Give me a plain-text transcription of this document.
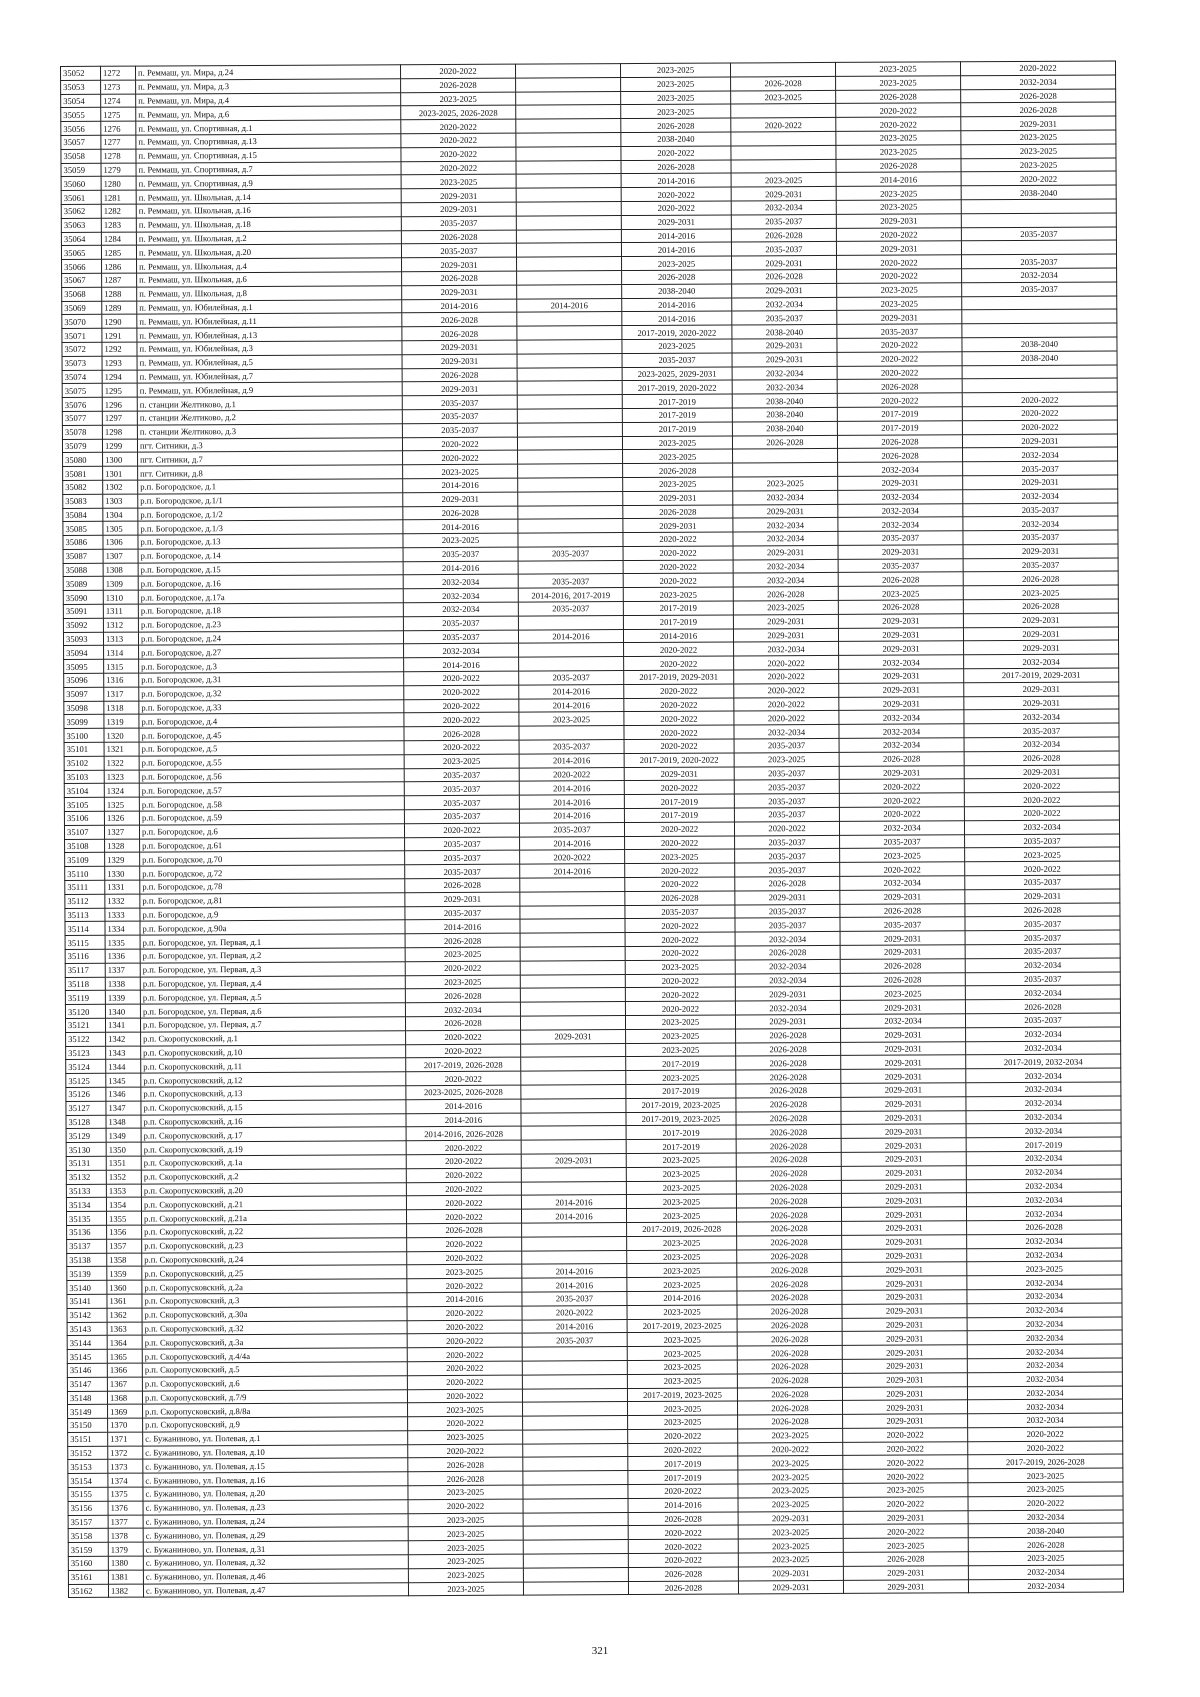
35052	1272	п. Реммаш, ул. Мира, д.24	2020-2022		2023-2025		2023-2025	2020-2022
35053	1273	п. Реммаш, ул. Мира, д.3	2026-2028		2023-2025	2026-2028	2023-2025	2032-2034
35054	1274	п. Реммаш, ул. Мира, д.4	2023-2025		2023-2025	2023-2025	2026-2028	2026-2028
35055	1275	п. Реммаш, ул. Мира, д.6	2023-2025, 2026-2028		2023-2025		2020-2022	2026-2028
35056	1276	п. Реммаш, ул. Спортивная, д.1	2020-2022		2026-2028	2020-2022	2020-2022	2029-2031
35057	1277	п. Реммаш, ул. Спортивная, д.13	2020-2022		2038-2040		2023-2025	2023-2025
35058	1278	п. Реммаш, ул. Спортивная, д.15	2020-2022		2020-2022		2023-2025	2023-2025
35059	1279	п. Реммаш, ул. Спортивная, д.7	2020-2022		2026-2028		2026-2028	2023-2025
35060	1280	п. Реммаш, ул. Спортивная, д.9	2023-2025		2014-2016	2023-2025	2014-2016	2020-2022
35061	1281	п. Реммаш, ул. Школьная, д.14	2029-2031		2020-2022	2029-2031	2023-2025	2038-2040
35062	1282	п. Реммаш, ул. Школьная, д.16	2029-2031		2020-2022	2032-2034	2023-2025	
35063	1283	п. Реммаш, ул. Школьная, д.18	2035-2037		2029-2031	2035-2037	2029-2031	
35064	1284	п. Реммаш, ул. Школьная, д.2	2026-2028		2014-2016	2026-2028	2020-2022	2035-2037
35065	1285	п. Реммаш, ул. Школьная, д.20	2035-2037		2014-2016	2035-2037	2029-2031	
35066	1286	п. Реммаш, ул. Школьная, д.4	2029-2031		2023-2025	2029-2031	2020-2022	2035-2037
35067	1287	п. Реммаш, ул. Школьная, д.6	2026-2028		2026-2028	2026-2028	2020-2022	2032-2034
35068	1288	п. Реммаш, ул. Школьная, д.8	2029-2031		2038-2040	2029-2031	2023-2025	2035-2037
35069	1289	п. Реммаш, ул. Юбилейная, д.1	2014-2016	2014-2016	2014-2016	2032-2034	2023-2025	
35070	1290	п. Реммаш, ул. Юбилейная, д.11	2026-2028		2014-2016	2035-2037	2029-2031	
35071	1291	п. Реммаш, ул. Юбилейная, д.13	2026-2028		2017-2019, 2020-2022	2038-2040	2035-2037	
35072	1292	п. Реммаш, ул. Юбилейная, д.3	2029-2031		2023-2025	2029-2031	2020-2022	2038-2040
35073	1293	п. Реммаш, ул. Юбилейная, д.5	2029-2031		2035-2037	2029-2031	2020-2022	2038-2040
35074	1294	п. Реммаш, ул. Юбилейная, д.7	2026-2028		2023-2025, 2029-2031	2032-2034	2020-2022	
35075	1295	п. Реммаш, ул. Юбилейная, д.9	2029-2031		2017-2019, 2020-2022	2032-2034	2026-2028	
35076	1296	п. станции Желтиково, д.1	2035-2037		2017-2019	2038-2040	2020-2022	2020-2022
35077	1297	п. станции Желтиково, д.2	2035-2037		2017-2019	2038-2040	2017-2019	2020-2022
35078	1298	п. станции Желтиково, д.3	2035-2037		2017-2019	2038-2040	2017-2019	2020-2022
35079	1299	пгт. Ситники, д.3	2020-2022		2023-2025	2026-2028	2026-2028	2029-2031
35080	1300	пгт. Ситники, д.7	2020-2022		2023-2025		2026-2028	2032-2034
35081	1301	пгт. Ситники, д.8	2023-2025		2026-2028		2032-2034	2035-2037
35082	1302	р.п. Богородское, д.1	2014-2016		2023-2025	2023-2025	2029-2031	2029-2031
35083	1303	р.п. Богородское, д.1/1	2029-2031		2029-2031	2032-2034	2032-2034	2032-2034
35084	1304	р.п. Богородское, д.1/2	2026-2028		2026-2028	2029-2031	2032-2034	2035-2037
35085	1305	р.п. Богородское, д.1/3	2014-2016		2029-2031	2032-2034	2032-2034	2032-2034
35086	1306	р.п. Богородское, д.13	2023-2025		2020-2022	2032-2034	2035-2037	2035-2037
35087	1307	р.п. Богородское, д.14	2035-2037	2035-2037	2020-2022	2029-2031	2029-2031	2029-2031
35088	1308	р.п. Богородское, д.15	2014-2016		2020-2022	2032-2034	2035-2037	2035-2037
35089	1309	р.п. Богородское, д.16	2032-2034	2035-2037	2020-2022	2032-2034	2026-2028	2026-2028
35090	1310	р.п. Богородское, д.17а	2032-2034	2014-2016, 2017-2019	2023-2025	2026-2028	2023-2025	2023-2025
35091	1311	р.п. Богородское, д.18	2032-2034	2035-2037	2017-2019	2023-2025	2026-2028	2026-2028
35092	1312	р.п. Богородское, д.23	2035-2037		2017-2019	2029-2031	2029-2031	2029-2031
35093	1313	р.п. Богородское, д.24	2035-2037	2014-2016	2014-2016	2029-2031	2029-2031	2029-2031
35094	1314	р.п. Богородское, д.27	2032-2034		2020-2022	2032-2034	2029-2031	2029-2031
35095	1315	р.п. Богородское, д.3	2014-2016		2020-2022	2020-2022	2032-2034	2032-2034
35096	1316	р.п. Богородское, д.31	2020-2022	2035-2037	2017-2019, 2029-2031	2020-2022	2029-2031	2017-2019, 2029-2031
35097	1317	р.п. Богородское, д.32	2020-2022	2014-2016	2020-2022	2020-2022	2029-2031	2029-2031
35098	1318	р.п. Богородское, д.33	2020-2022	2014-2016	2020-2022	2020-2022	2029-2031	2029-2031
35099	1319	р.п. Богородское, д.4	2020-2022	2023-2025	2020-2022	2020-2022	2032-2034	2032-2034
35100	1320	р.п. Богородское, д.45	2026-2028		2020-2022	2032-2034	2032-2034	2035-2037
35101	1321	р.п. Богородское, д.5	2020-2022	2035-2037	2020-2022	2035-2037	2032-2034	2032-2034
35102	1322	р.п. Богородское, д.55	2023-2025	2014-2016	2017-2019, 2020-2022	2023-2025	2026-2028	2026-2028
35103	1323	р.п. Богородское, д.56	2035-2037	2020-2022	2029-2031	2035-2037	2029-2031	2029-2031
35104	1324	р.п. Богородское, д.57	2035-2037	2014-2016	2020-2022	2035-2037	2020-2022	2020-2022
35105	1325	р.п. Богородское, д.58	2035-2037	2014-2016	2017-2019	2035-2037	2020-2022	2020-2022
35106	1326	р.п. Богородское, д.59	2035-2037	2014-2016	2017-2019	2035-2037	2020-2022	2020-2022
35107	1327	р.п. Богородское, д.6	2020-2022	2035-2037	2020-2022	2020-2022	2032-2034	2032-2034
35108	1328	р.п. Богородское, д.61	2035-2037	2014-2016	2020-2022	2035-2037	2035-2037	2035-2037
35109	1329	р.п. Богородское, д.70	2035-2037	2020-2022	2023-2025	2035-2037	2023-2025	2023-2025
35110	1330	р.п. Богородское, д.72	2035-2037	2014-2016	2020-2022	2035-2037	2020-2022	2020-2022
35111	1331	р.п. Богородское, д.78	2026-2028		2020-2022	2026-2028	2032-2034	2035-2037
35112	1332	р.п. Богородское, д.81	2029-2031		2026-2028	2029-2031	2029-2031	2029-2031
35113	1333	р.п. Богородское, д.9	2035-2037		2035-2037	2035-2037	2026-2028	2026-2028
35114	1334	р.п. Богородское, д.90а	2014-2016		2020-2022	2035-2037	2035-2037	2035-2037
35115	1335	р.п. Богородское, ул. Первая, д.1	2026-2028		2020-2022	2032-2034	2029-2031	2035-2037
35116	1336	р.п. Богородское, ул. Первая, д.2	2023-2025		2020-2022	2026-2028	2029-2031	2035-2037
35117	1337	р.п. Богородское, ул. Первая, д.3	2020-2022		2023-2025	2032-2034	2026-2028	2032-2034
35118	1338	р.п. Богородское, ул. Первая, д.4	2023-2025		2020-2022	2032-2034	2026-2028	2035-2037
35119	1339	р.п. Богородское, ул. Первая, д.5	2026-2028		2020-2022	2029-2031	2023-2025	2032-2034
35120	1340	р.п. Богородское, ул. Первая, д.6	2032-2034		2020-2022	2032-2034	2029-2031	2026-2028
35121	1341	р.п. Богородское, ул. Первая, д.7	2026-2028		2023-2025	2029-2031	2032-2034	2035-2037
35122	1342	р.п. Скоропусковский, д.1	2020-2022	2029-2031	2023-2025	2026-2028	2029-2031	2032-2034
35123	1343	р.п. Скоропусковский, д.10	2020-2022		2023-2025	2026-2028	2029-2031	2032-2034
35124	1344	р.п. Скоропусковский, д.11	2017-2019, 2026-2028		2017-2019	2026-2028	2029-2031	2017-2019, 2032-2034
35125	1345	р.п. Скоропусковский, д.12	2020-2022		2023-2025	2026-2028	2029-2031	2032-2034
35126	1346	р.п. Скоропусковский, д.13	2023-2025, 2026-2028		2017-2019	2026-2028	2029-2031	2032-2034
35127	1347	р.п. Скоропусковский, д.15	2014-2016		2017-2019, 2023-2025	2026-2028	2029-2031	2032-2034
35128	1348	р.п. Скоропусковский, д.16	2014-2016		2017-2019, 2023-2025	2026-2028	2029-2031	2032-2034
35129	1349	р.п. Скоропусковский, д.17	2014-2016, 2026-2028		2017-2019	2026-2028	2029-2031	2032-2034
35130	1350	р.п. Скоропусковский, д.19	2020-2022		2017-2019	2026-2028	2029-2031	2017-2019
35131	1351	р.п. Скоропусковский, д.1а	2020-2022	2029-2031	2023-2025	2026-2028	2029-2031	2032-2034
35132	1352	р.п. Скоропусковский, д.2	2020-2022		2023-2025	2026-2028	2029-2031	2032-2034
35133	1353	р.п. Скоропусковский, д.20	2020-2022		2023-2025	2026-2028	2029-2031	2032-2034
35134	1354	р.п. Скоропусковский, д.21	2020-2022	2014-2016	2023-2025	2026-2028	2029-2031	2032-2034
35135	1355	р.п. Скоропусковский, д.21а	2020-2022	2014-2016	2023-2025	2026-2028	2029-2031	2032-2034
35136	1356	р.п. Скоропусковский, д.22	2026-2028		2017-2019, 2026-2028	2026-2028	2029-2031	2026-2028
35137	1357	р.п. Скоропусковский, д.23	2020-2022		2023-2025	2026-2028	2029-2031	2032-2034
35138	1358	р.п. Скоропусковский, д.24	2020-2022		2023-2025	2026-2028	2029-2031	2032-2034
35139	1359	р.п. Скоропусковский, д.25	2023-2025	2014-2016	2023-2025	2026-2028	2029-2031	2023-2025
35140	1360	р.п. Скоропусковский, д.2а	2020-2022	2014-2016	2023-2025	2026-2028	2029-2031	2032-2034
35141	1361	р.п. Скоропусковский, д.3	2014-2016	2035-2037	2014-2016	2026-2028	2029-2031	2032-2034
35142	1362	р.п. Скоропусковский, д.30а	2020-2022	2020-2022	2023-2025	2026-2028	2029-2031	2032-2034
35143	1363	р.п. Скоропусковский, д.32	2020-2022	2014-2016	2017-2019, 2023-2025	2026-2028	2029-2031	2032-2034
35144	1364	р.п. Скоропусковский, д.3а	2020-2022	2035-2037	2023-2025	2026-2028	2029-2031	2032-2034
35145	1365	р.п. Скоропусковский, д.4/4а	2020-2022		2023-2025	2026-2028	2029-2031	2032-2034
35146	1366	р.п. Скоропусковский, д.5	2020-2022		2023-2025	2026-2028	2029-2031	2032-2034
35147	1367	р.п. Скоропусковский, д.6	2020-2022		2023-2025	2026-2028	2029-2031	2032-2034
35148	1368	р.п. Скоропусковский, д.7/9	2020-2022		2017-2019, 2023-2025	2026-2028	2029-2031	2032-2034
35149	1369	р.п. Скоропусковский, д.8/8а	2023-2025		2023-2025	2026-2028	2029-2031	2032-2034
35150	1370	р.п. Скоропусковский, д.9	2020-2022		2023-2025	2026-2028	2029-2031	2032-2034
35151	1371	с. Бужаниново, ул. Полевая, д.1	2023-2025		2020-2022	2023-2025	2020-2022	2020-2022
35152	1372	с. Бужаниново, ул. Полевая, д.10	2020-2022		2020-2022	2020-2022	2020-2022	2020-2022
35153	1373	с. Бужаниново, ул. Полевая, д.15	2026-2028		2017-2019	2023-2025	2020-2022	2017-2019, 2026-2028
35154	1374	с. Бужаниново, ул. Полевая, д.16	2026-2028		2017-2019	2023-2025	2020-2022	2023-2025
35155	1375	с. Бужаниново, ул. Полевая, д.20	2023-2025		2020-2022	2023-2025	2023-2025	2023-2025
35156	1376	с. Бужаниново, ул. Полевая, д.23	2020-2022		2014-2016	2023-2025	2020-2022	2020-2022
35157	1377	с. Бужаниново, ул. Полевая, д.24	2023-2025		2026-2028	2029-2031	2029-2031	2032-2034
35158	1378	с. Бужаниново, ул. Полевая, д.29	2023-2025		2020-2022	2023-2025	2020-2022	2038-2040
35159	1379	с. Бужаниново, ул. Полевая, д.31	2023-2025		2020-2022	2023-2025	2023-2025	2026-2028
35160	1380	с. Бужаниново, ул. Полевая, д.32	2023-2025		2020-2022	2023-2025	2026-2028	2023-2025
35161	1381	с. Бужаниново, ул. Полевая, д.46	2023-2025		2026-2028	2029-2031	2029-2031	2032-2034
35162	1382	с. Бужаниново, ул. Полевая, д.47	2023-2025		2026-2028	2029-2031	2029-2031	2032-2034
321
